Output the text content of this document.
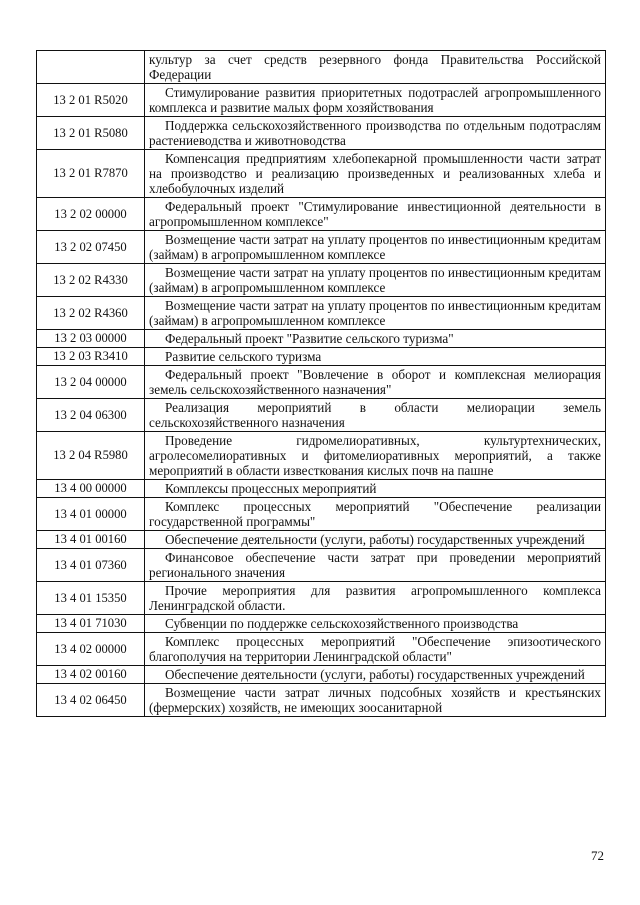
	культур за счет средств резервного фонда Правительства Российской Федерации

13 2 01 R5020	Стимулирование развития приоритетных подотраслей агропромышленного комплекса и развитие малых форм хозяйствования

13 2 01 R5080	Поддержка сельскохозяйственного производства по отдельным подотраслям растениеводства и животноводства

13 2 01 R7870	Компенсация предприятиям хлебопекарной промышленности части затрат на производство и реализацию произведенных и реализованных хлеба и хлебобулочных изделий

13 2 02 00000	Федеральный проект "Стимулирование инвестиционной деятельности в агропромышленном комплексе"

13 2 02 07450	Возмещение части затрат на уплату процентов по инвестиционным кредитам (займам) в агропромышленном комплексе

13 2 02 R4330	Возмещение части затрат на уплату процентов по инвестиционным кредитам (займам) в агропромышленном комплексе

13 2 02 R4360	Возмещение части затрат на уплату процентов по инвестиционным кредитам (займам) в агропромышленном комплексе

13 2 03 00000	Федеральный проект "Развитие сельского туризма"

13 2 03 R3410	Развитие сельского туризма

13 2 04 00000	Федеральный проект "Вовлечение в оборот и комплексная мелиорация земель сельскохозяйственного назначения"

13 2 04 06300	Реализация мероприятий в области мелиорации земель сельскохозяйственного назначения

13 2 04 R5980	Проведение гидромелиоративных, культуртехнических, агролесомелиоративных и фитомелиоративных мероприятий, а также мероприятий в области известкования кислых почв на пашне

13 4 00 00000	Комплексы процессных мероприятий

13 4 01 00000	Комплекс процессных мероприятий "Обеспечение реализации государственной программы"

13 4 01 00160	Обеспечение деятельности (услуги, работы) государственных учреждений

13 4 01 07360	Финансовое обеспечение части затрат при проведении мероприятий регионального значения

13 4 01 15350	Прочие мероприятия для развития агропромышленного комплекса Ленинградской области.

13 4 01 71030	Субвенции по поддержке сельскохозяйственного производства

13 4 02 00000	Комплекс процессных мероприятий "Обеспечение эпизоотического благополучия на территории Ленинградской области"

13 4 02 00160	Обеспечение деятельности (услуги, работы) государственных учреждений

13 4 02 06450	Возмещение части затрат личных подсобных хозяйств и крестьянских (фермерских) хозяйств, не имеющих зоосанитарной
72
